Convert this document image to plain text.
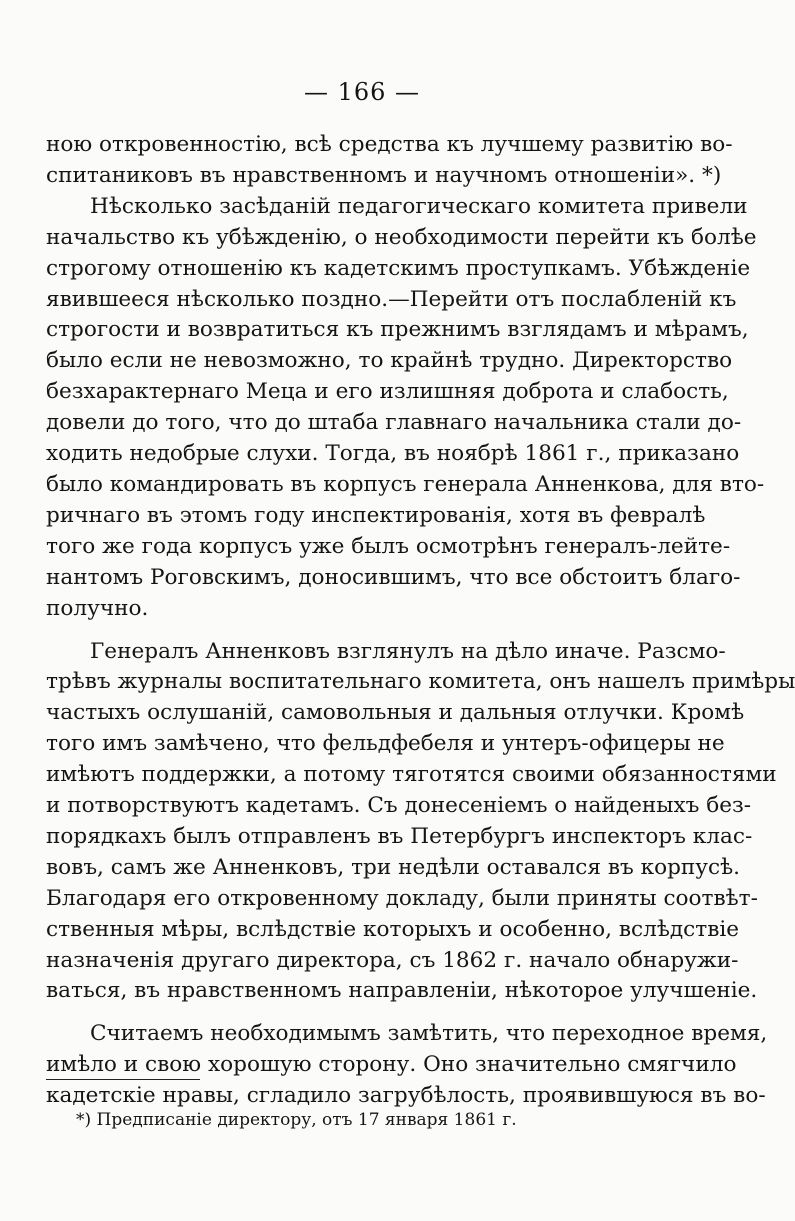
— 166 —
ною откровенностію, всѣ средства къ лучшему развитію во-
спитаниковъ въ нравственномъ и научномъ отношеніи». *)
Нѣсколько засѣданій педагогическаго комитета привели
начальство къ убѣжденію, о необходимости перейти къ болѣе
строгому отношенію къ кадетскимъ проступкамъ. Убѣжденіе
явившееся нѣсколько поздно.—Перейти отъ послабленій къ
строгости и возвратиться къ прежнимъ взглядамъ и мѣрамъ,
было если не невозможно, то крайнѣ трудно. Директорство
безхарактернаго Меца и его излишняя доброта и слабость,
довели до того, что до штаба главнаго начальника стали до-
ходить недобрые слухи. Тогда, въ ноябрѣ 1861 г., приказано
было командировать въ корпусъ генерала Анненкова, для вто-
ричнаго въ этомъ году инспектированія, хотя въ февралѣ
того же года корпусъ уже былъ осмотрѣнъ генералъ-лейте-
нантомъ Роговскимъ, доносившимъ, что все обстоитъ благо-
получно.
Генералъ Анненковъ взглянулъ на дѣло иначе. Разсмо-
трѣвъ журналы воспитательнаго комитета, онъ нашелъ примѣры
частыхъ ослушаній, самовольныя и дальныя отлучки. Кромѣ
того имъ замѣчено, что фельдфебеля и унтеръ-офицеры не
имѣютъ поддержки, а потому тяготятся своими обязанностями
и потворствуютъ кадетамъ. Съ донесеніемъ о найденыхъ без-
порядкахъ былъ отправленъ въ Петербургъ инспекторъ клас-
вовъ, самъ же Анненковъ, три недѣли оставался въ корпусѣ.
Благодаря его откровенному докладу, были приняты соотвѣт-
ственныя мѣры, вслѣдствіе которыхъ и особенно, вслѣдствіе
назначенія другаго директора, съ 1862 г. начало обнаружи-
ваться, въ нравственномъ направленіи, нѣкоторое улучшеніе.
Считаемъ необходимымъ замѣтить, что переходное время,
имѣло и свою хорошую сторону. Оно значительно смягчило
кадетскіе нравы, сгладило загрубѣлость, проявившуюся въ во-
*) Предписаніе директору, отъ 17 января 1861 г.
